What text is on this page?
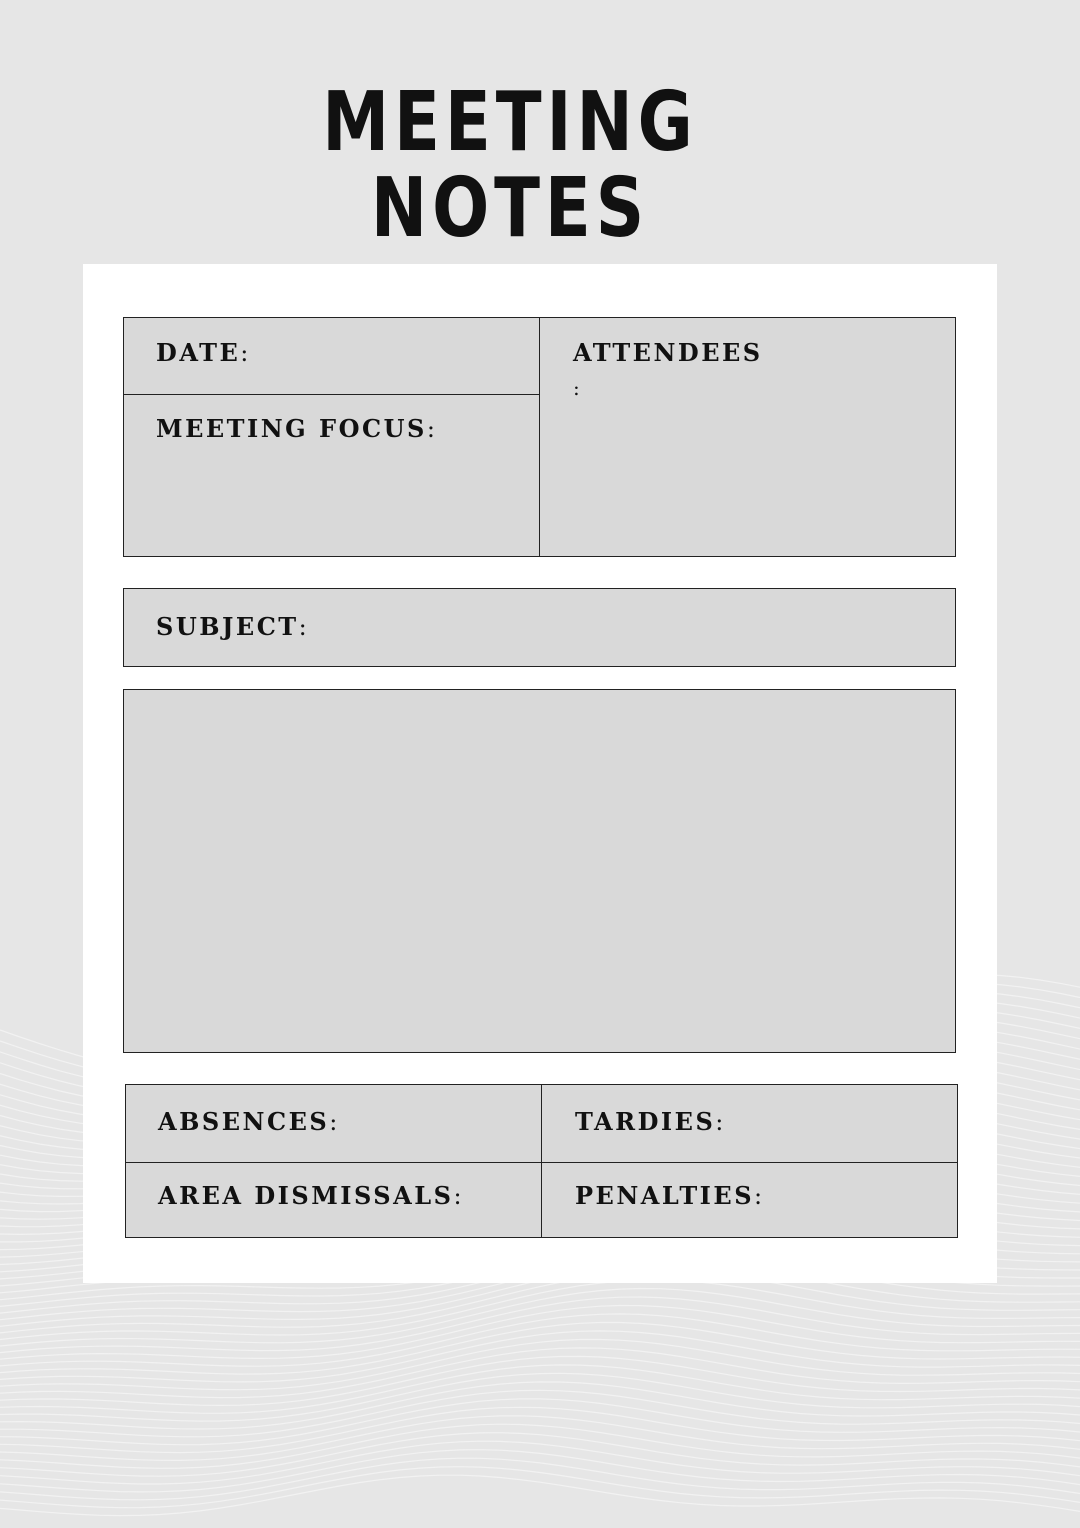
MEETING
NOTES
DATE:
MEETING FOCUS:
ATTENDEES
:
SUBJECT:
ABSENCES:	TARDIES:
AREA DISMISSALS:	PENALTIES:
